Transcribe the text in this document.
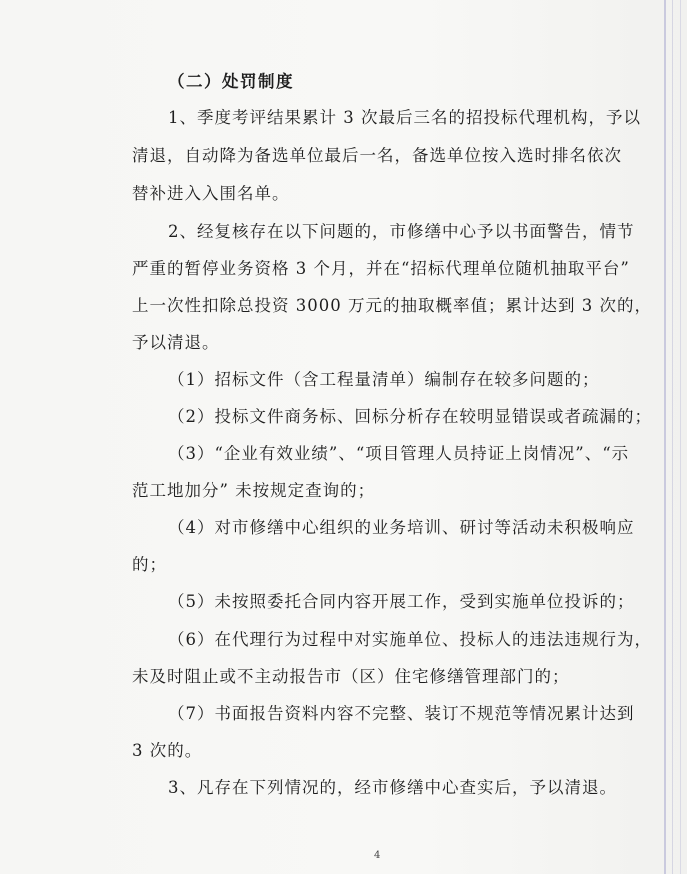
（二）处罚制度
1、季度考评结果累计 3 次最后三名的招投标代理机构，予以
清退，自动降为备选单位最后一名，备选单位按入选时排名依次
替补进入入围名单。
2、经复核存在以下问题的，市修缮中心予以书面警告，情节
严重的暂停业务资格 3 个月，并在“招标代理单位随机抽取平台”
上一次性扣除总投资 3000 万元的抽取概率值；累计达到 3 次的，
予以清退。
（1）招标文件（含工程量清单）编制存在较多问题的；
（2）投标文件商务标、回标分析存在较明显错误或者疏漏的；
（3）“企业有效业绩”、“项目管理人员持证上岗情况”、“示
范工地加分” 未按规定查询的；
（4）对市修缮中心组织的业务培训、研讨等活动未积极响应
的；
（5）未按照委托合同内容开展工作，受到实施单位投诉的；
（6）在代理行为过程中对实施单位、投标人的违法违规行为，
未及时阻止或不主动报告市（区）住宅修缮管理部门的；
（7）书面报告资料内容不完整、装订不规范等情况累计达到
3 次的。
3、凡存在下列情况的，经市修缮中心查实后，予以清退。
4
